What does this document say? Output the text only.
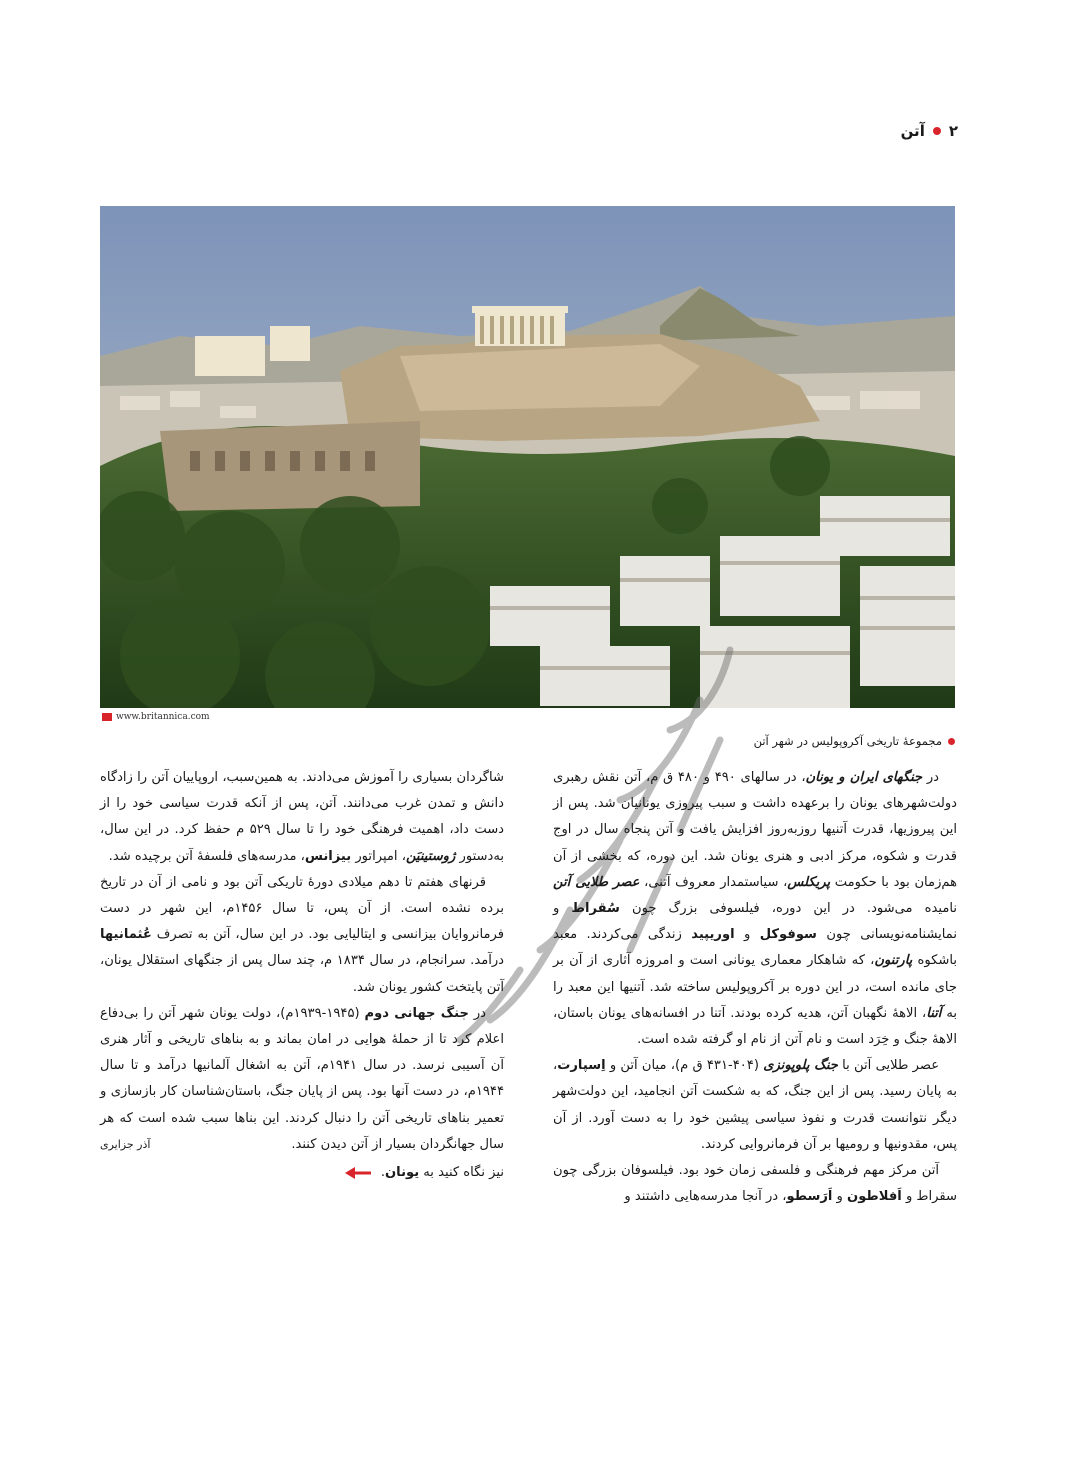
۲
آتن
www.britannica.com
مجموعهٔ تاریخی آکروپولیس در شهر آتن

در جنگهای ایران و یونان، در سالهای ۴۹۰ و ۴۸۰ ق م، آتن نقش رهبری دولت‌شهرهای یونان را برعهده داشت و سبب پیروزی یونانیان شد. پس از این پیروزیها، قدرت آتنیها روزبه‌روز افزایش یافت و آتن پنجاه سال در اوج قدرت و شکوه، مرکز ادبی و هنری یونان شد. این دوره، که بخشی از آن هم‌زمان بود با حکومت پریکلس، سیاستمدار معروف آتنی، عصر طلایی آتن نامیده می‌شود. در این دوره، فیلسوفی بزرگ چون سُقراط و نمایشنامه‌نویسانی چون سوفوکل و اوریپید زندگی می‌کردند. معبد باشکوه پارتنون، که شاهکار معماری یونانی است و امروزه آثاری از آن بر جای مانده است، در این دوره بر آکروپولیس ساخته شد. آتنیها این معبد را به آتنا، الاههٔ نگهبان آتن، هدیه کرده بودند. آتنا در افسانه‌های یونان باستان، الاههٔ جنگ و خِرَد است و نام آتن از نام او گرفته شده است.

عصر طلایی آتن با جنگ پلوپونزی (۴۰۴-۴۳۱ ق م)، میان آتن و اِسپارت، به پایان رسید. پس از این جنگ، که به شکست آتن انجامید، این دولت‌شهر دیگر نتوانست قدرت و نفوذ سیاسی پیشین خود را به دست آورد. از آن پس، مقدونیها و رومیها بر آن فرمانروایی کردند.

آتن مرکز مهم فرهنگی و فلسفی زمان خود بود. فیلسوفان بزرگی چون سقراط و اَفلاطون و اَرَسطو، در آنجا مدرسه‌هایی داشتند و

شاگردان بسیاری را آموزش می‌دادند. به همین‌سبب، اروپاییان آتن را زادگاه دانش و تمدن غرب می‌دانند. آتن، پس از آنکه قدرت سیاسی خود را از دست داد، اهمیت فرهنگی خود را تا سال ۵۲۹ م حفظ کرد. در این سال، به‌دستور ژوستینیَن، امپراتور بیزانس، مدرسه‌های فلسفهٔ آتن برچیده شد.

قرنهای هفتم تا دهم میلادی دورهٔ تاریکی آتن بود و نامی از آن در تاریخ برده نشده است. از آن پس، تا سال ۱۴۵۶م، این شهر در دست فرمانروایان بیزانسی و ایتالیایی بود. در این سال، آتن به تصرف عُثمانیها درآمد. سرانجام، در سال ۱۸۳۴ م، چند سال پس از جنگهای استقلال یونان، آتن پایتخت کشور یونان شد.

در جنگ جهانی دوم (۱۹۴۵-۱۹۳۹م)، دولت یونان شهر آتن را بی‌دفاع اعلام کرد تا از حملهٔ هوایی در امان بماند و به بناهای تاریخی و آثار هنری آن آسیبی نرسد. در سال ۱۹۴۱م، آتن به اشغال آلمانیها درآمد و تا سال ۱۹۴۴م، در دست آنها بود. پس از پایان جنگ، باستان‌شناسان کار بازسازی و تعمیر بناهای تاریخی آتن را دنبال کردند. این بناها سبب شده است که هر سال جهانگردان بسیار از آتن دیدن کنند.

آذر جزایری
نیز نگاه کنید به یونان.
